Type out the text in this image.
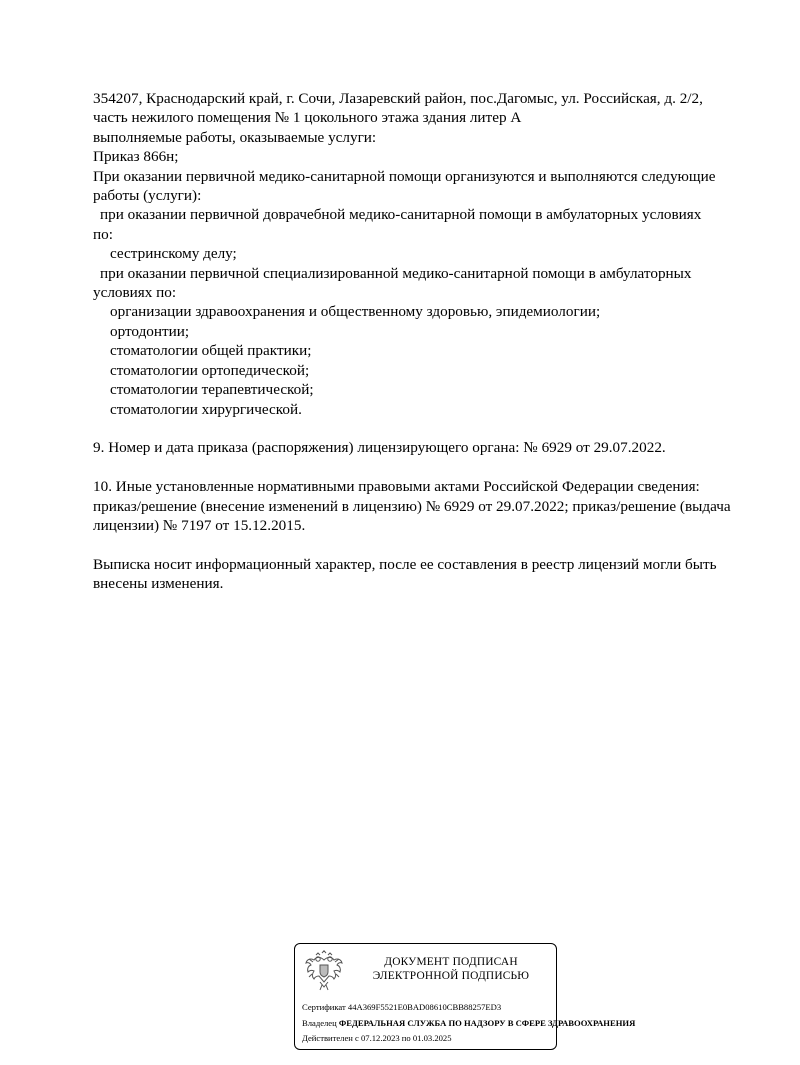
354207, Краснодарский край, г. Сочи, Лазаревский район, пос.Дагомыс, ул. Российская, д. 2/2,
часть нежилого помещения № 1 цокольного этажа здания литер А
выполняемые работы, оказываемые услуги:
Приказ 866н;
При оказании первичной медико-санитарной помощи организуются и выполняются следующие
работы (услуги):
при оказании первичной доврачебной медико-санитарной помощи в амбулаторных условиях
по:
сестринскому делу;
при оказании первичной специализированной медико-санитарной помощи в амбулаторных
условиях по:
организации здравоохранения и общественному здоровью, эпидемиологии;
ортодонтии;
стоматологии общей практики;
стоматологии ортопедической;
стоматологии терапевтической;
стоматологии хирургической.
9. Номер и дата приказа (распоряжения) лицензирующего органа: № 6929 от 29.07.2022.
10. Иные установленные нормативными правовыми актами Российской Федерации сведения:
приказ/решение (внесение изменений в лицензию) № 6929 от 29.07.2022; приказ/решение (выдача
лицензии) № 7197 от 15.12.2015.
Выписка носит информационный характер, после ее составления в реестр лицензий могли быть
внесены изменения.
ДОКУМЕНТ ПОДПИСАН
ЭЛЕКТРОННОЙ ПОДПИСЬЮ
Сертификат 44A369F5521E0BAD08610CBB88257ED3
Владелец ФЕДЕРАЛЬНАЯ СЛУЖБА ПО НАДЗОРУ В СФЕРЕ ЗДРАВООХРАНЕНИЯ
Действителен с 07.12.2023 по 01.03.2025
